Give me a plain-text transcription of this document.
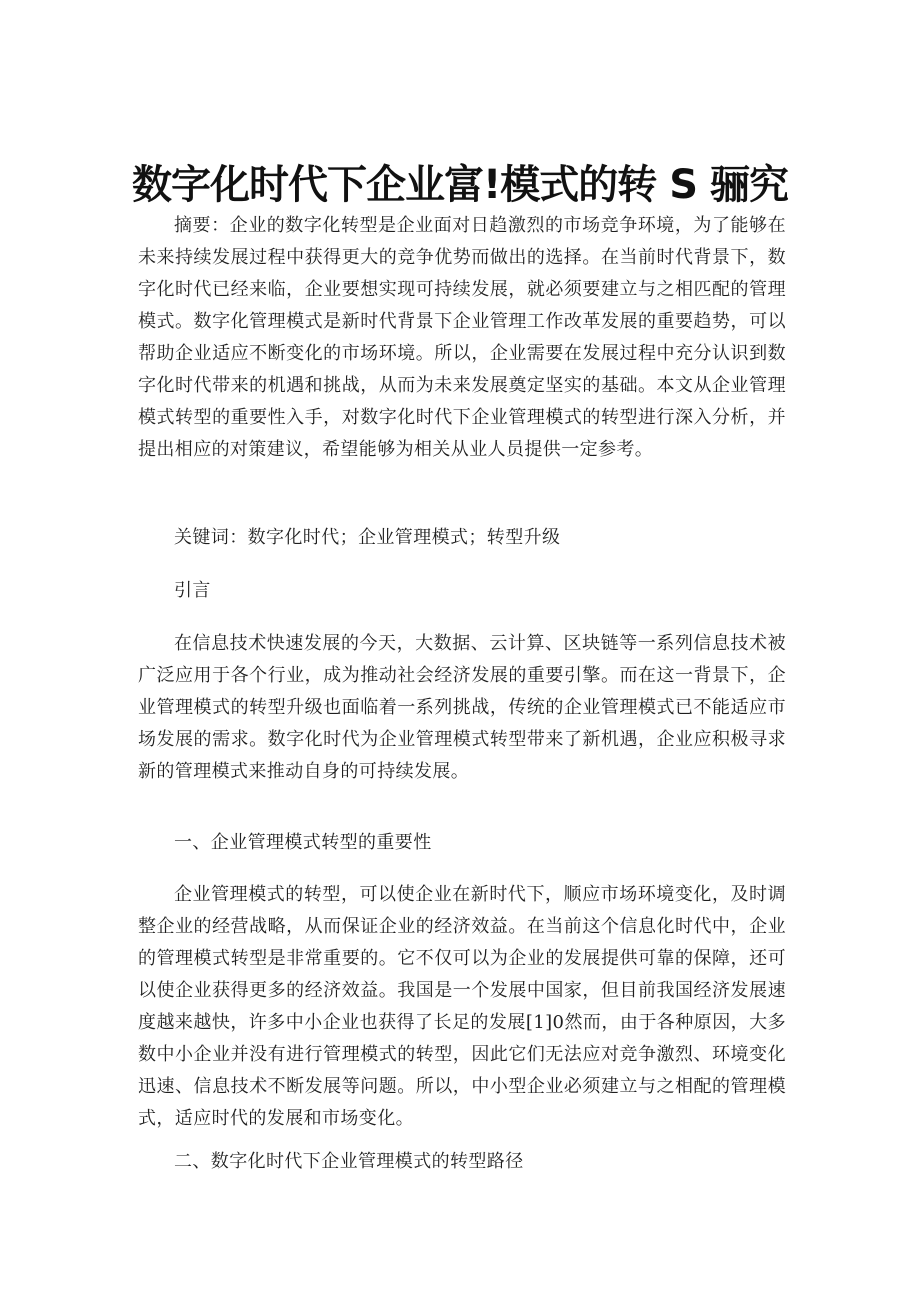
数字化时代下企业富!模式的转 S 骊究

摘要：企业的数字化转型是企业面对日趋激烈的市场竞争环境，为了能够在未来持续发展过程中获得更大的竞争优势而做出的选择。在当前时代背景下，数字化时代已经来临，企业要想实现可持续发展，就必须要建立与之相匹配的管理模式。数字化管理模式是新时代背景下企业管理工作改革发展的重要趋势，可以帮助企业适应不断变化的市场环境。所以，企业需要在发展过程中充分认识到数字化时代带来的机遇和挑战，从而为未来发展奠定坚实的基础。本文从企业管理模式转型的重要性入手，对数字化时代下企业管理模式的转型进行深入分析，并提出相应的对策建议，希望能够为相关从业人员提供一定参考。

关键词：数字化时代；企业管理模式；转型升级

引言

在信息技术快速发展的今天，大数据、云计算、区块链等一系列信息技术被广泛应用于各个行业，成为推动社会经济发展的重要引擎。而在这一背景下，企业管理模式的转型升级也面临着一系列挑战，传统的企业管理模式已不能适应市场发展的需求。数字化时代为企业管理模式转型带来了新机遇，企业应积极寻求新的管理模式来推动自身的可持续发展。

一、企业管理模式转型的重要性

企业管理模式的转型，可以使企业在新时代下，顺应市场环境变化，及时调整企业的经营战略，从而保证企业的经济效益。在当前这个信息化时代中，企业的管理模式转型是非常重要的。它不仅可以为企业的发展提供可靠的保障，还可以使企业获得更多的经济效益。我国是一个发展中国家，但目前我国经济发展速度越来越快，许多中小企业也获得了长足的发展[1]0然而，由于各种原因，大多数中小企业并没有进行管理模式的转型，因此它们无法应对竞争激烈、环境变化迅速、信息技术不断发展等问题。所以，中小型企业必须建立与之相配的管理模式，适应时代的发展和市场变化。

二、数字化时代下企业管理模式的转型路径
